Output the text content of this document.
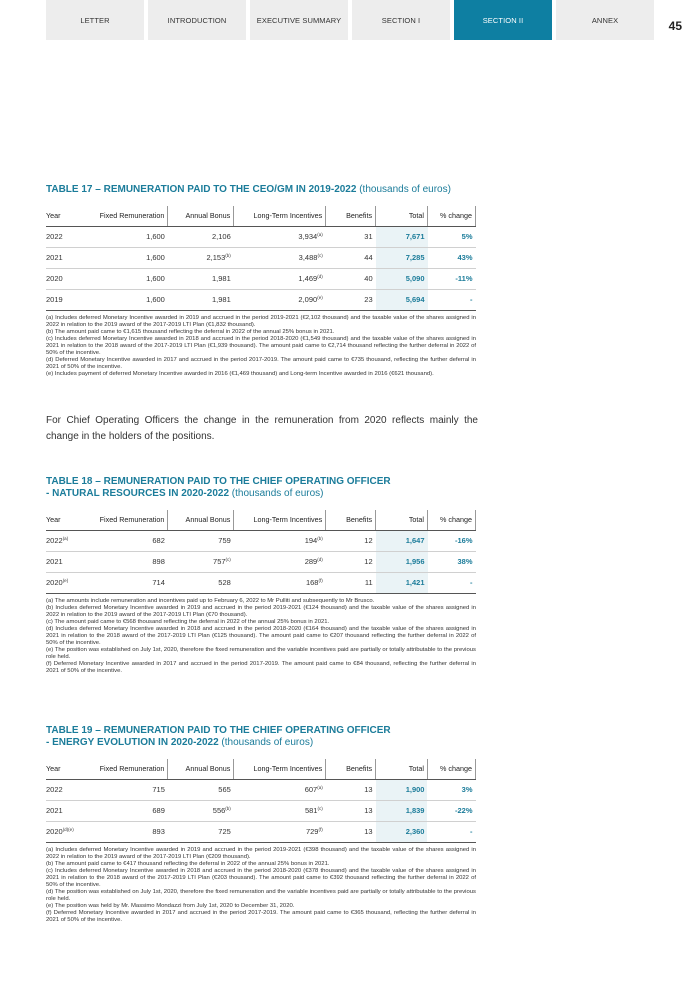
LETTER	INTRODUCTION	EXECUTIVE SUMMARY	SECTION I	SECTION II	ANNEX	45
TABLE 17 – REMUNERATION PAID TO THE CEO/GM IN 2019-2022 (thousands of euros)
Year	Fixed Remuneration	Annual Bonus	Long-Term Incentives	Benefits	Total	% change
2022	1,600	2,106	3,934$^{(a)}$	31	7,671	5%
2021	1,600	2,153$^{(b)}$	3,488$^{(c)}$	44	7,285	43%
2020	1,600	1,981	1,469$^{(d)}$	40	5,090	-11%
2019	1,600	1,981	2,090$^{(e)}$	23	5,694	-
(a) Includes deferred Monetary Incentive awarded in 2019 and accrued in the period 2019-2021 (€2,102 thousand) and the taxable value of the shares assigned in 2022 in relation to the 2019 award of the 2017-2019 LTI Plan (€1,832 thousand).
(b) The amount paid came to €1,615 thousand reflecting the deferral in 2022 of the annual 25% bonus in 2021.
(c) Includes deferred Monetary Incentive awarded in 2018 and accrued in the period 2018-2020 (€1,549 thousand) and the taxable value of the shares assigned in 2021 in relation to the 2018 award of the 2017-2019 LTI Plan (€1,939 thousand). The amount paid came to €2,714 thousand reflecting the further deferral in 2022 of 50% of the incentive.
(d) Deferred Monetary Incentive awarded in 2017 and accrued in the period 2017-2019. The amount paid came to €735 thousand, reflecting the further deferral in 2021 of 50% of the incentive.
(e) Includes payment of deferred Monetary Incentive awarded in 2016 (€1,469 thousand) and Long-term Incentive awarded in 2016 (€621 thousand).

For Chief Operating Officers the change in the remuneration from 2020 reflects mainly the change in the holders of the positions.

TABLE 18 – REMUNERATION PAID TO THE CHIEF OPERATING OFFICER
- NATURAL RESOURCES IN 2020-2022 (thousands of euros)
Year	Fixed Remuneration	Annual Bonus	Long-Term Incentives	Benefits	Total	% change
2022$^{(a)}$	682	759	194$^{(b)}$	12	1,647	-16%
2021	898	757$^{(c)}$	289$^{(d)}$	12	1,956	38%
2020$^{(e)}$	714	528	168$^{(f)}$	11	1,421	-
(a) The amounts include remuneration and incentives paid up to February 6, 2022 to Mr Pulliti and subsequently to Mr Brusco.
(b) Includes deferred Monetary Incentive awarded in 2019 and accrued in the period 2019-2021 (€124 thousand) and the taxable value of the shares assigned in 2022 in relation to the 2019 award of the 2017-2019 LTI Plan (€70 thousand).
(c) The amount paid came to €568 thousand reflecting the deferral in 2022 of the annual 25% bonus in 2021.
(d) Includes deferred Monetary Incentive awarded in 2018 and accrued in the period 2018-2020 (€164 thousand) and the taxable value of the shares assigned in 2021 in relation to the 2018 award of the 2017-2019 LTI Plan (€125 thousand). The amount paid came to €207 thousand reflecting the further deferral in 2022 of 50% of the incentive.
(e) The position was established on July 1st, 2020, therefore the fixed remuneration and the variable incentives paid are partially or totally attributable to the previous role held.
(f) Deferred Monetary Incentive awarded in 2017 and accrued in the period 2017-2019. The amount paid came to €84 thousand, reflecting the further deferral in 2021 of 50% of the incentive.
TABLE 19 – REMUNERATION PAID TO THE CHIEF OPERATING OFFICER
- ENERGY EVOLUTION IN 2020-2022 (thousands of euros)
Year	Fixed Remuneration	Annual Bonus	Long-Term Incentives	Benefits	Total	% change
2022	715	565	607$^{(a)}$	13	1,900	3%
2021	689	556$^{(b)}$	581$^{(c)}$	13	1,839	-22%
$2020^{(d)(e)}$	893	725	729$^{(f)}$	13	2,360	-
(a) Includes deferred Monetary Incentive awarded in 2019 and accrued in the period 2019-2021 (€398 thousand) and the taxable value of the shares assigned in 2022 in relation to the 2019 award of the 2017-2019 LTI Plan (€209 thousand).
(b) The amount paid came to €417 thousand reflecting the deferral in 2022 of the annual 25% bonus in 2021.
(c) Includes deferred Monetary Incentive awarded in 2018 and accrued in the period 2018-2020 (€378 thousand) and the taxable value of the shares assigned in 2021 in relation to the 2018 award of the 2017-2019 LTI Plan (€203 thousand). The amount paid came to €392 thousand reflecting the further deferral in 2022 of 50% of the incentive.
(d) The position was established on July 1st, 2020, therefore the fixed remuneration and the variable incentives paid are partially or totally attributable to the previous role held.
(e) The position was held by Mr. Massimo Mondazzi from July 1st, 2020 to December 31, 2020.
(f) Deferred Monetary Incentive awarded in 2017 and accrued in the period 2017-2019. The amount paid came to €365 thousand, reflecting the further deferral in 2021 of 50% of the incentive.
